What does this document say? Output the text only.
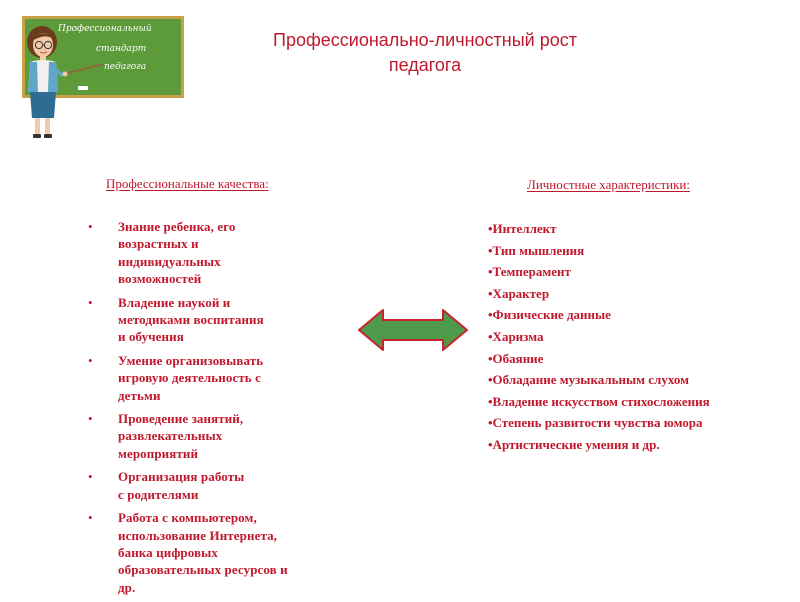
Профессиональный
стандарт
педагога
Профессионально-личностный рост
педагога
Профессиональные качества:
• Знание ребенка, его
возрастных и
индивидуальных
возможностей
• Владение наукой и
методиками воспитания
и обучения
• Умение организовывать
игровую деятельность с
детьми
• Проведение занятий,
развлекательных
мероприятий
• Организация работы
с родителями
• Работа с компьютером,
использование Интернета,
банка цифровых
образовательных ресурсов и
др.
Личностные характеристики:
•Интеллект
•Тип мышления
•Темперамент
•Характер
•Физические данные
•Харизма
•Обаяние
•Обладание музыкальным слухом
•Владение искусством стихосложения
•Степень развитости чувства юмора
•Артистические умения и др.
